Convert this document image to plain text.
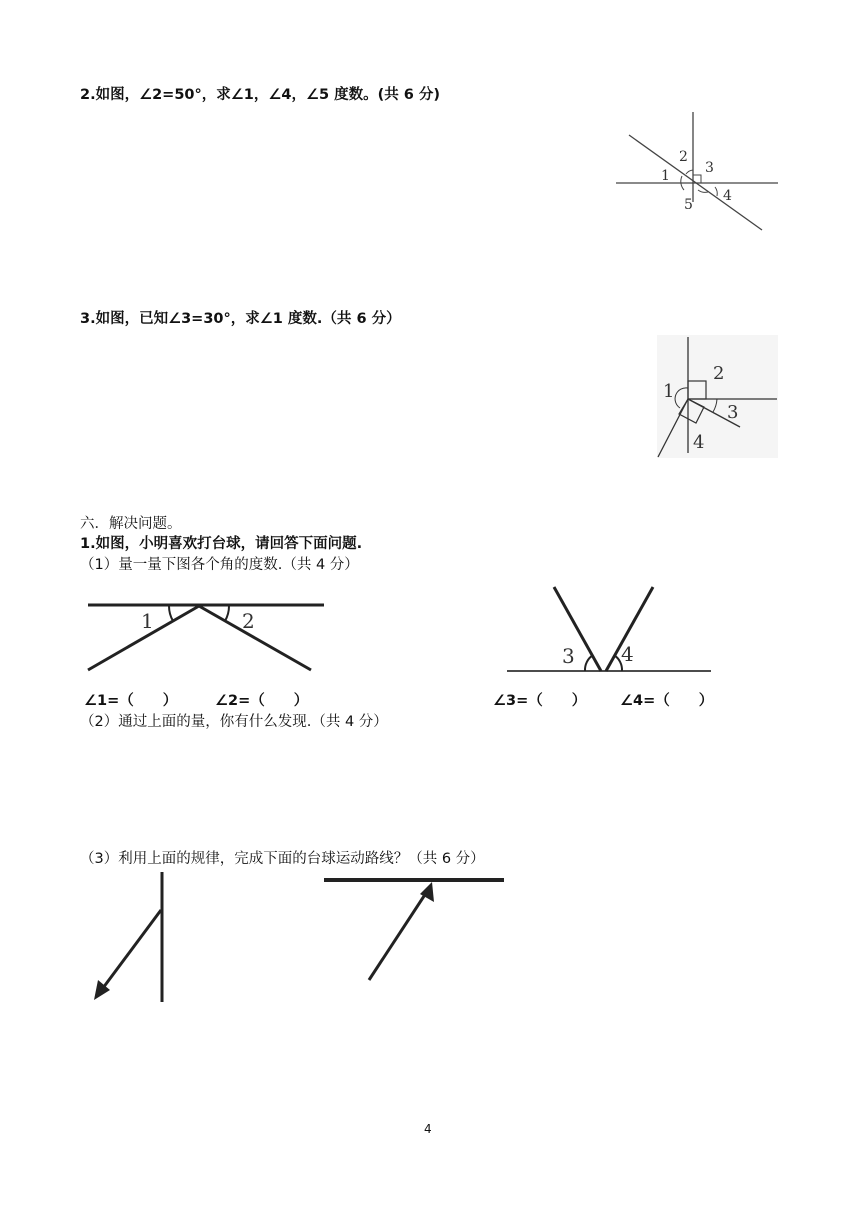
2.如图，∠2=50°，求∠1，∠4，∠5 度数。(共 6 分)
1
2
3
4
5
3.如图，已知∠3=30°，求∠1 度数.（共 6 分）
1
2
3
4
六．解决问题。
1.如图，小明喜欢打台球，请回答下面问题.
（1）量一量下图各个角的度数.（共 4 分）
1	2
3 4
∠1=（　　）	∠2=（　　）	∠3=（　　） ∠4=（　　）
（2）通过上面的量，你有什么发现.（共 4 分）
（3）利用上面的规律，完成下面的台球运动路线？（共 6 分）
4
